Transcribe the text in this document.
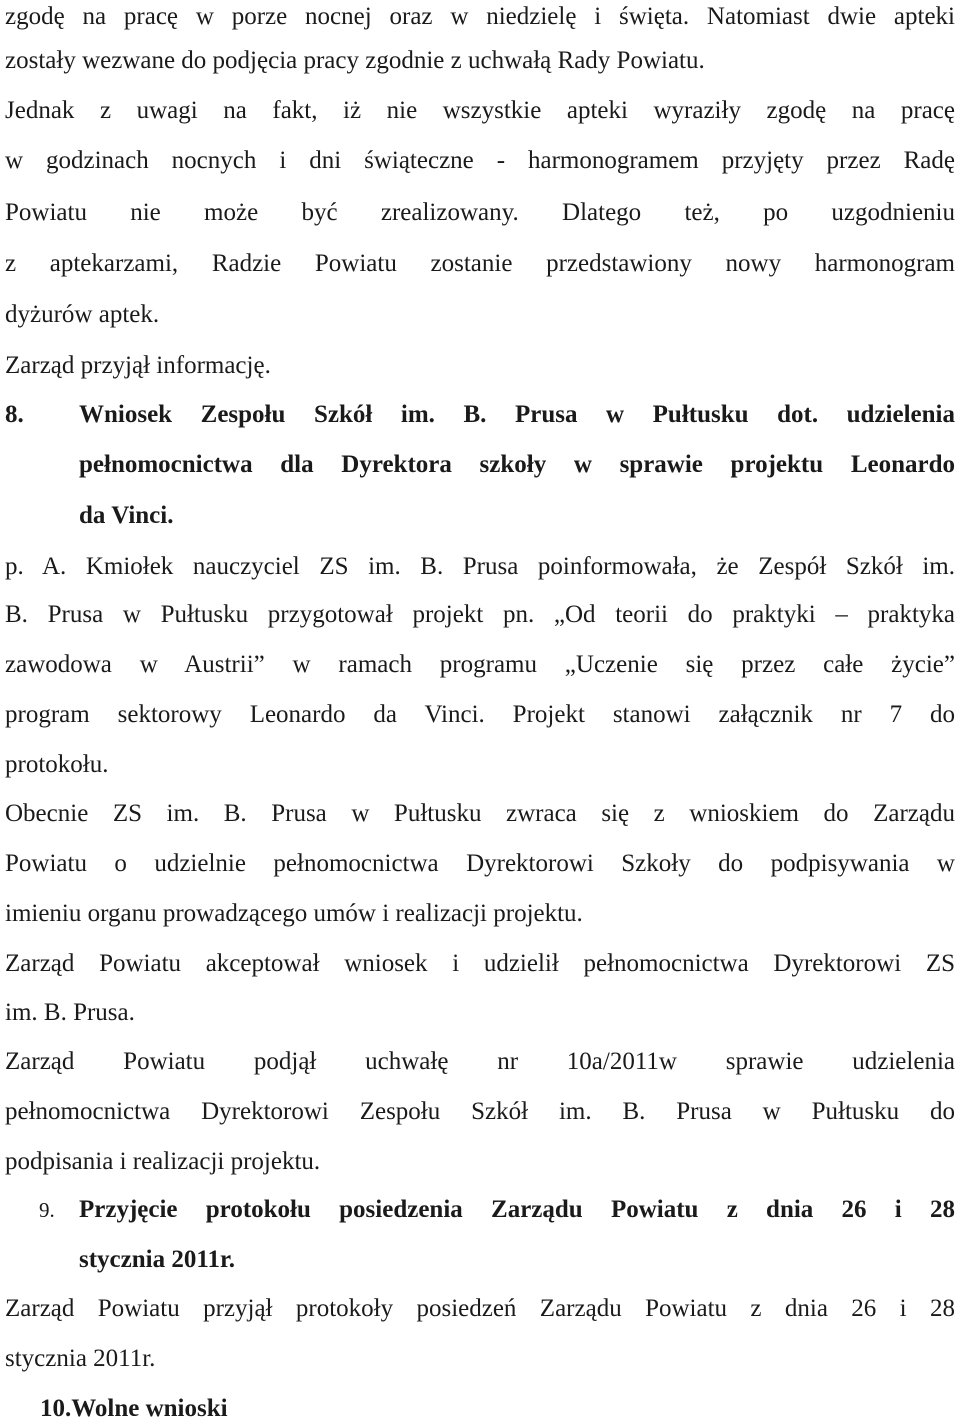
zgodę na pracę w porze nocnej oraz w niedzielę i święta. Natomiast dwie apteki
zostały wezwane do podjęcia pracy zgodnie z uchwałą Rady Powiatu.
Jednak z uwagi na fakt, iż nie wszystkie apteki wyraziły zgodę na pracę
w godzinach nocnych i dni świąteczne - harmonogramem przyjęty przez Radę
Powiatu nie może być zrealizowany. Dlatego też, po uzgodnieniu
z aptekarzami, Radzie Powiatu zostanie przedstawiony nowy harmonogram
dyżurów aptek.
Zarząd przyjął informację.
8. Wniosek Zespołu Szkół im. B. Prusa w Pułtusku dot. udzielenia
pełnomocnictwa dla Dyrektora szkoły w sprawie projektu Leonardo
da Vinci.
p. A. Kmiołek nauczyciel ZS im. B. Prusa poinformowała, że Zespół Szkół im.
B. Prusa w Pułtusku przygotował projekt pn. „Od teorii do praktyki – praktyka
zawodowa w Austrii” w ramach programu „Uczenie się przez całe życie”
program sektorowy Leonardo da Vinci. Projekt stanowi załącznik nr 7 do
protokołu.
Obecnie ZS im. B. Prusa w Pułtusku zwraca się z wnioskiem do Zarządu
Powiatu o udzielnie pełnomocnictwa Dyrektorowi Szkoły do podpisywania w
imieniu organu prowadzącego umów i realizacji projektu.
Zarząd Powiatu akceptował wniosek i udzielił pełnomocnictwa Dyrektorowi ZS
im. B. Prusa.
Zarząd Powiatu podjął uchwałę nr 10a/2011w sprawie udzielenia
pełnomocnictwa Dyrektorowi Zespołu Szkół im. B. Prusa w Pułtusku do
podpisania i realizacji projektu.
9. Przyjęcie protokołu posiedzenia Zarządu Powiatu z dnia 26 i 28
stycznia 2011r.
Zarząd Powiatu przyjął protokoły posiedzeń Zarządu Powiatu z dnia 26 i 28
stycznia 2011r.
10.Wolne wnioski
